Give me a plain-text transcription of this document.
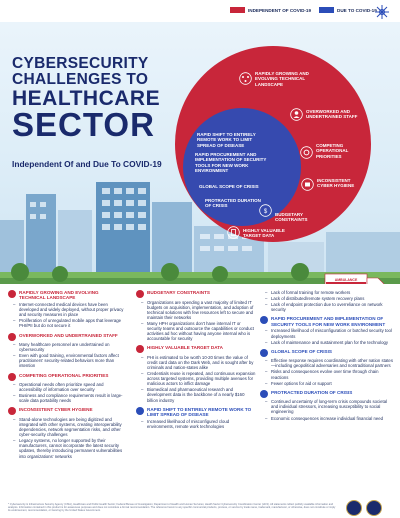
INDEPENDENT OF COVID-19	DUE TO COVID-19
CYBERSECURITY
CHALLENGES TO
HEALTHCARE
SECTOR
Independent Of and Due To COVID-19
AMBULANCE
RAPIDLY GROWING AND EVOLVING TECHNICAL LANDSCAPE
OVERWORKED AND UNDERTRAINED STAFF
COMPETING OPERATIONAL PRIORITIES
INCONSISTENT CYBER HYGIENE
$ BUDGETARY CONSTRAINTS
HIGHLY VALUABLE TARGET DATA
RAPID SHIFT TO ENTIRELY REMOTE WORK TO LIMIT SPREAD OF DISEASE
RAPID PROCUREMENT AND IMPLEMENTATION OF SECURITY TOOLS FOR NEW WORK ENVIRONMENT
GLOBAL SCOPE OF CRISIS
PROTRACTED DURATION OF CRISIS
RAPIDLY GROWING AND EVOLVING TECHNICAL LANDSCAPE
– Internet-connected medical devices have been developed and widely deployed, without proper privacy and security measures in place
– Proliferation of unregulated mobile apps that leverage PHI/PII but do not secure it
OVERWORKED AND UNDERTRAINED STAFF
– Many healthcare personnel are undertrained on cybersecurity
– Even with good training, environmental factors affect practitioners' security-related behaviors more than intention
COMPETING OPERATIONAL PRIORITIES
– Operational needs often prioritize speed and accessibility of information over security
– Business and compliance requirements result in large-scale data portability needs
INCONSISTENT CYBER HYGIENE
– Stand-alone technologies are being digitized and integrated with other systems, creating interoperability dependencies, network segmentation risks, and other cyber-security challenges
– Legacy systems, no longer supported by their manufacturers, cannot incorporate the latest security updates, thereby introducing permanent vulnerabilities into organizations' networks
BUDGETARY CONSTRAINTS
– Organizations are spending a vast majority of limited IT budgets on acquisition, implementation, and adoption of technical solutions with few resources left to secure and maintain their networks
– Many HPH organizations don't have internal IT or security teams and outsource the capabilities or conduct activities ad hoc without having anyone internal who is accountable for security
HIGHLY VALUABLE TARGET DATA
– PHI is estimated to be worth 10-20 times the value of credit card data on the Dark Web, and is sought after by criminals and nation-states alike
– Credentials reuse is repeated, and continuous expansion across targeted systems, providing multiple avenues for malicious actors to inflict damage
– Biomedical and pharmaceutical research and development data is the backbone of a nearly $160 billion industry
RAPID SHIFT TO ENTIRELY REMOTE WORK TO LIMIT SPREAD OF DISEASE
– Increased likelihood of misconfigured cloud environments, remote work technologies
– Lack of formal training for remote workers
– Lack of distributed/remote system recovery plans
– Lack of endpoint protection due to overreliance on network security
RAPID PROCUREMENT AND IMPLEMENTATION OF SECURITY TOOLS FOR NEW WORK ENVIRONMENT
– Increased likelihood of misconfiguration or botched security tool deployments
– Lack of maintenance and sustainment plan for the technology
GLOBAL SCOPE OF CRISIS
– Effective response requires coordinating with other nation states—including geopolitical adversaries and nontraditional partners
– Risks and consequences evolve over time through chain reactions
– Fewer options for aid or support
PROTRACTED DURATION OF CRISIS
– Continued uncertainty of long-term crisis compounds societal and individual stressors, increasing susceptibility to social engineering
– Economic consequences increase individual financial need
* Cybersecurity & Infrastructure Security Agency (CISA), Healthcare and Public Health Sector; Federal Bureau of Investigation; Department of Health and Human Services; Health Sector Cybersecurity Coordination Center (HC3). All statements reflect publicly available information and analysis. Information contained in this product is for awareness purposes and does not constitute a formal recommendation. The reference herein to any specific commercial products, process, or service by trade name, trademark, manufacturer, or otherwise, does not constitute or imply its endorsement, recommendation, or favoring by the United States Government.
